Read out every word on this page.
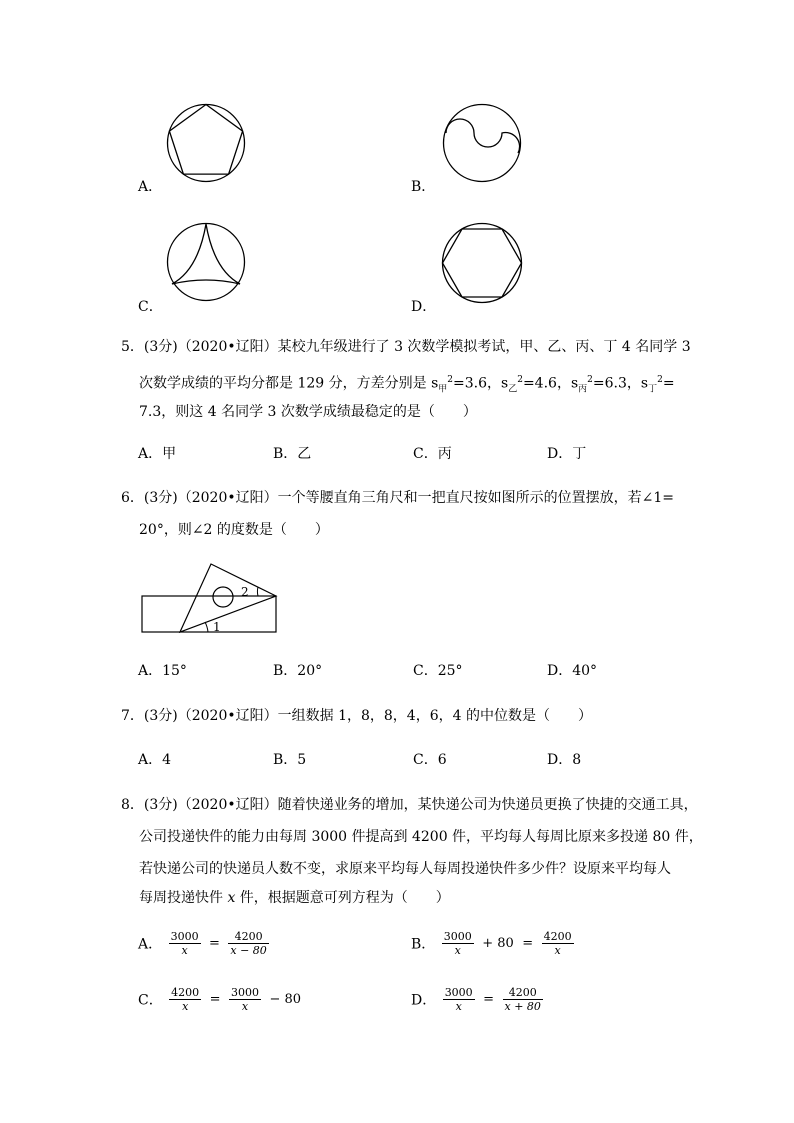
A．	B．
C．	D．
5．(3分)（2020•辽阳）某校九年级进行了 3 次数学模拟考试，甲、乙、丙、丁 4 名同学 3
次数学成绩的平均分都是 129 分，方差分别是 $s_甲^2=3.6$，$s_乙^2=4.6$，$s_丙^2=6.3$，$s_丁^2=$
7.3，则这 4 名同学 3 次数学成绩最稳定的是（　　）
A．甲	B．乙	C．丙	D．丁
6．(3分)（2020•辽阳）一个等腰直角三角尺和一把直尺按如图所示的位置摆放，若∠1=
20°，则∠2 的度数是（　　）
1
2
A．15°	B．20°	C．25°	D．40°
7．(3分)（2020•辽阳）一组数据 1，8，8，4，6，4 的中位数是（　　）
A．4	B．5	C．6	D．8
8．(3分)（2020•辽阳）随着快递业务的增加，某快递公司为快递员更换了快捷的交通工具，
公司投递快件的能力由每周 3000 件提高到 4200 件，平均每人每周比原来多投递 80 件，
若快递公司的快递员人数不变，求原来平均每人每周投递快件多少件？设原来平均每人
每周投递快件 x 件，根据题意可列方程为（　　）
A． $\frac{3000}{x} = \frac{4200}{x - 80}$	B． $\frac{3000}{x} + 80 = \frac{4200}{x}$
C． $\frac{4200}{x} = \frac{3000}{x} - 80$	D． $\frac{3000}{x} = \frac{4200}{x + 80}$
